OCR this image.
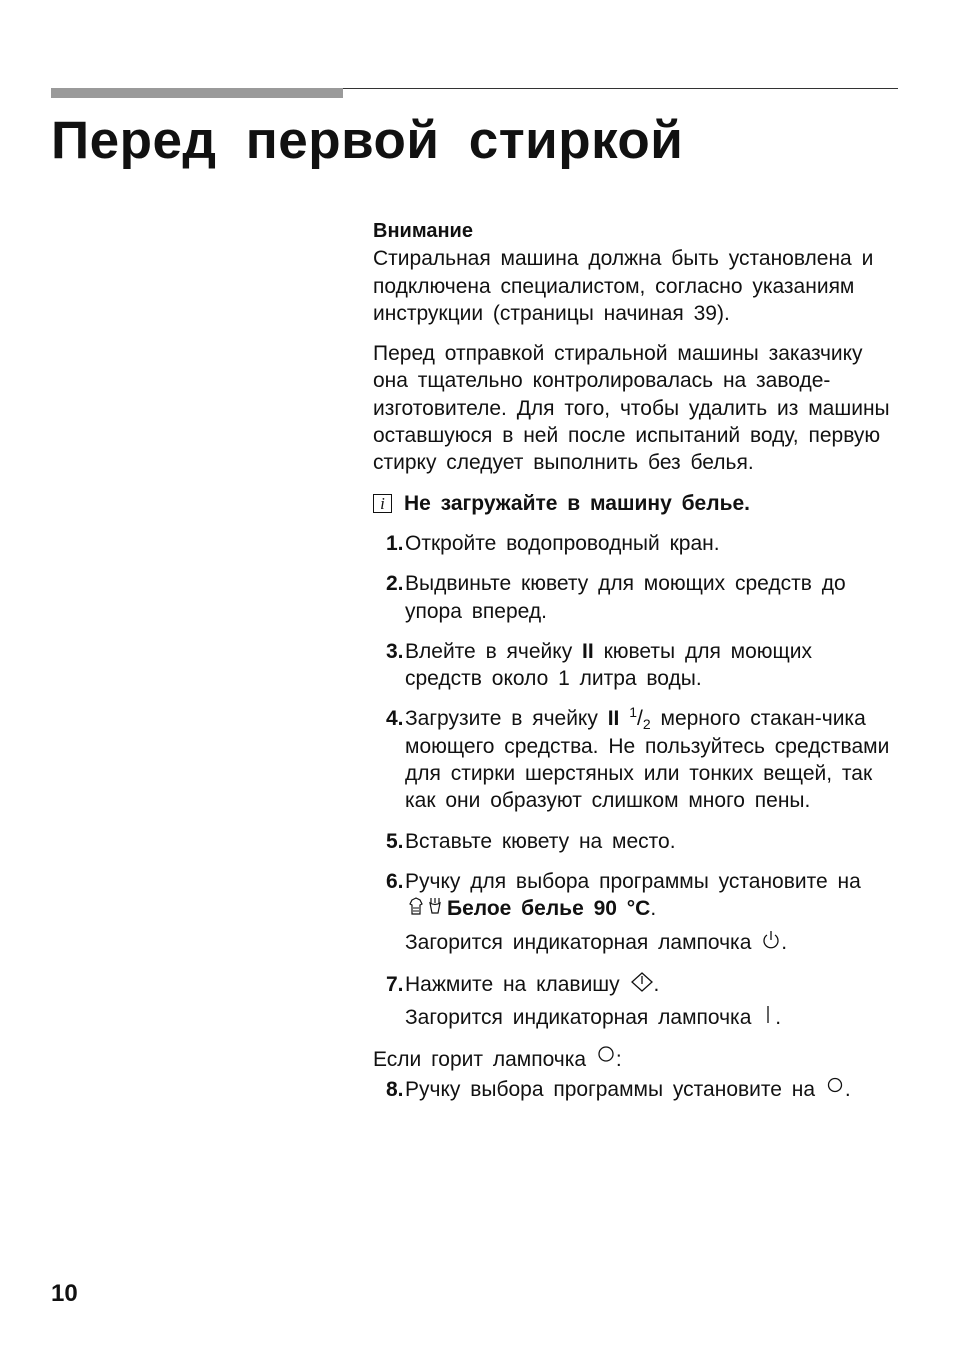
Перед первой стиркой

Внимание

Стиральная машина должна быть установлена и подключена специалистом, согласно указаниям инструкции (страницы начиная 39).

Перед отправкой стиральной машины заказчику она тщательно контролировалась на заводе-изготовителе. Для того, чтобы удалить из машины оставшуюся в ней после испытаний воду, первую стирку следует выполнить без белья.

i Не загружайте в машину белье.
1. Откройте водопроводный кран.
2. Выдвиньте кювету для моющих средств до упора вперед.
3. Влейте в ячейку II кюветы для моющих средств около 1 литра воды.
4. Загрузите в ячейку II $^1/_2$ мерного стакан-чика моющего средства. Не пользуйтесь средствами для стирки шерстяных или тонких вещей, так как они образуют слишком много пены.
5. Вставьте кювету на место.
6. Ручку для выбора программы установите на Белое белье 90 °C.
Загорится индикаторная лампочка .
7. Нажмите на клавишу .
Загорится индикаторная лампочка .

Если горит лампочка :

8. Ручку выбора программы установите на .
10
